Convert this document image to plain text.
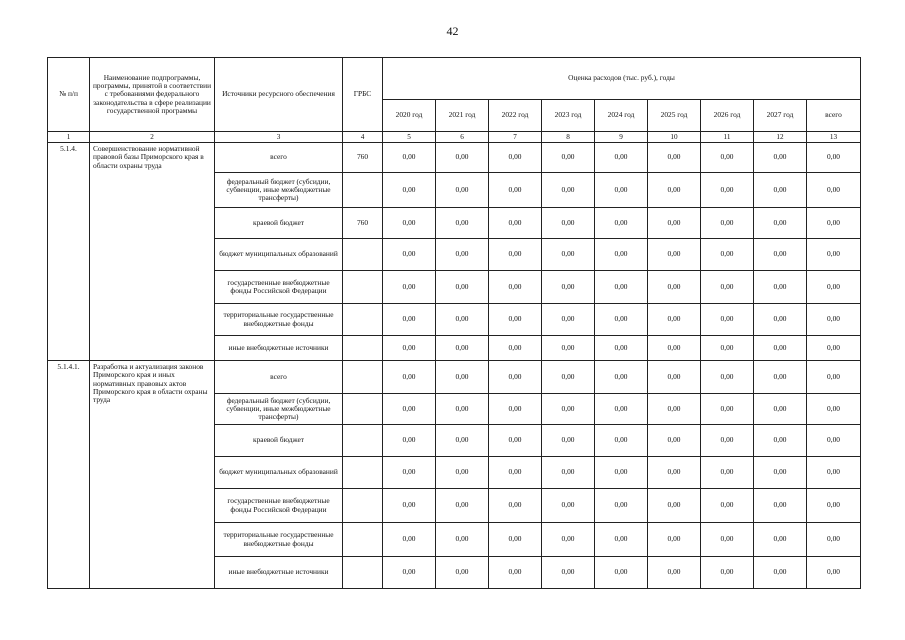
42
№ п/п	Наименование подпрограммы, программы, принятой в соответствии с требованиями федерального законодательства в сфере реализации государственной программы	Источники ресурсного обеспечения	ГРБС	Оценка расходов (тыс. руб.), годы								
				2020 год	2021 год	2022 год	2023 год	2024 год	2025 год	2026 год	2027 год	всего
1	2	3	4	5	6	7	8	9	10	11	12	13
5.1.4.	Совершенствование нормативной правовой базы Приморского края в области охраны труда	всего	760	0,00	0,00	0,00	0,00	0,00	0,00	0,00	0,00	0,00
		федеральный бюджет (субсидии, субвенции, иные межбюджетные трансферты)		0,00	0,00	0,00	0,00	0,00	0,00	0,00	0,00	0,00
		краевой бюджет	760	0,00	0,00	0,00	0,00	0,00	0,00	0,00	0,00	0,00
		бюджет муниципальных образований		0,00	0,00	0,00	0,00	0,00	0,00	0,00	0,00	0,00
		государственные внебюджетные фонды Российской Федерации		0,00	0,00	0,00	0,00	0,00	0,00	0,00	0,00	0,00
		территориальные государственные внебюджетные фонды		0,00	0,00	0,00	0,00	0,00	0,00	0,00	0,00	0,00
		иные внебюджетные источники		0,00	0,00	0,00	0,00	0,00	0,00	0,00	0,00	0,00
5.1.4.1.	Разработка и актуализация законов Приморского края и иных нормативных правовых актов Приморского края в области охраны труда	всего		0,00	0,00	0,00	0,00	0,00	0,00	0,00	0,00	0,00
		федеральный бюджет (субсидии, субвенции, иные межбюджетные трансферты)		0,00	0,00	0,00	0,00	0,00	0,00	0,00	0,00	0,00
		краевой бюджет		0,00	0,00	0,00	0,00	0,00	0,00	0,00	0,00	0,00
		бюджет муниципальных образований		0,00	0,00	0,00	0,00	0,00	0,00	0,00	0,00	0,00
		государственные внебюджетные фонды Российской Федерации		0,00	0,00	0,00	0,00	0,00	0,00	0,00	0,00	0,00
		территориальные государственные внебюджетные фонды		0,00	0,00	0,00	0,00	0,00	0,00	0,00	0,00	0,00
		иные внебюджетные источники		0,00	0,00	0,00	0,00	0,00	0,00	0,00	0,00	0,00
